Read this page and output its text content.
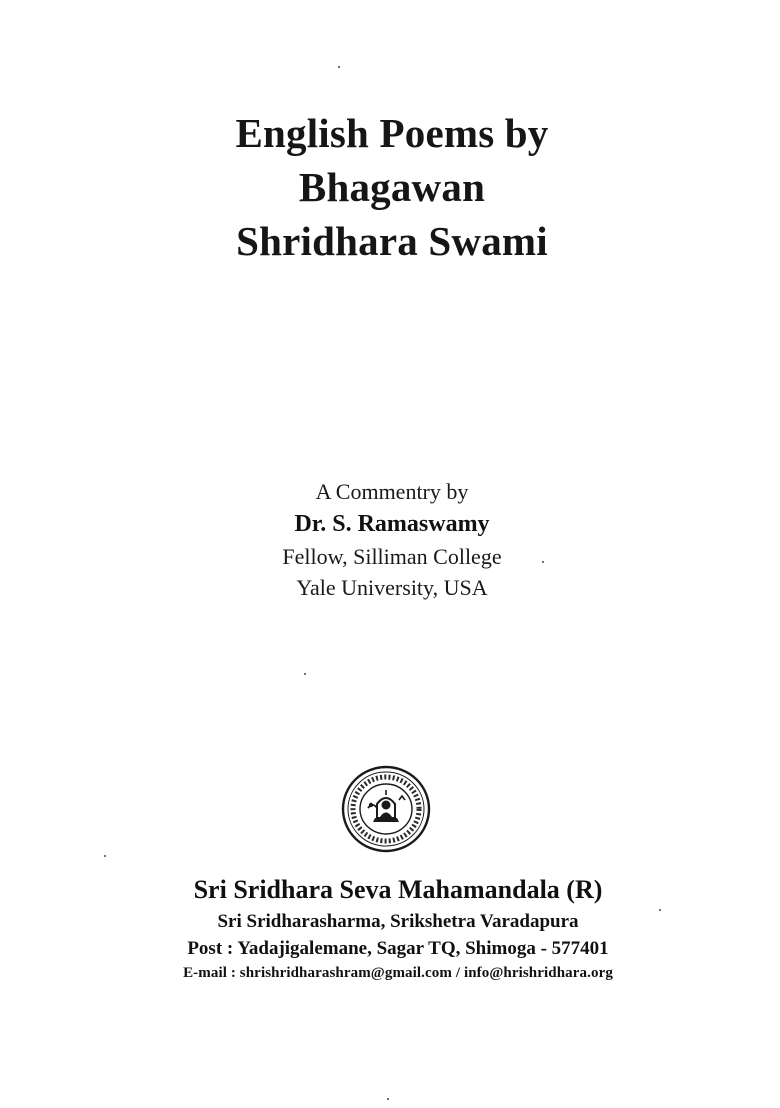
English Poems by
Bhagawan
Shridhara Swami
A Commentry by
Dr. S. Ramaswamy
Fellow, Silliman College
Yale University, USA
Sri Sridhara Seva Mahamandala (R)
Sri Sridharasharma, Srikshetra Varadapura
Post : Yadajigalemane, Sagar TQ, Shimoga - 577401
E-mail : shrishridharashram@gmail.com / info@hrishridhara.org
